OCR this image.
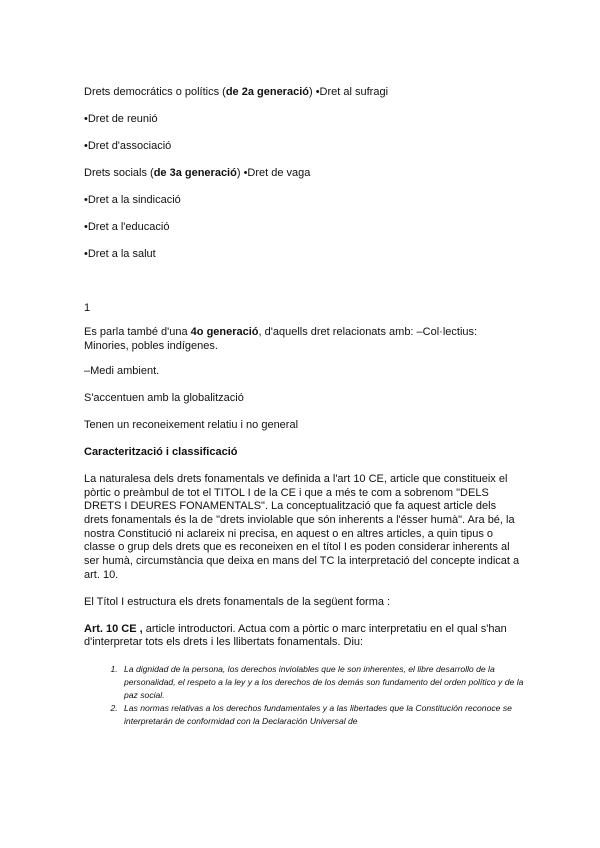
Drets democrátics o polítics (de 2a generació) •Dret al sufragi
•Dret de reunió
•Dret d'associació
Drets socials (de 3a generació) •Dret de vaga
•Dret a la sindicació
•Dret a l'educació
•Dret a la salut
1
Es parla també d'una 4o generació, d'aquells dret relacionats amb: –Col·lectius: Minories, pobles indígenes.
–Medi ambient.
S'accentuen amb la globalització
Tenen un reconeixement relatiu i no general
Caracterització i classificació
La naturalesa dels drets fonamentals ve definida a l'art 10 CE, article que constitueix el pòrtic o preàmbul de tot el TITOL I de la CE i que a més te com a sobrenom "DELS DRETS I DEURES FONAMENTALS". La conceptualització que fa aquest article dels drets fonamentals és la de "drets inviolable que són inherents a l'ésser humà". Ara bé, la nostra Constitució ni aclareix ni precisa, en aquest o en altres articles, a quin tipus o classe o grup dels drets que es reconeixen en el títol I es poden considerar inherents al ser humà, circumstància que deixa en mans del TC la interpretació del concepte indicat a art. 10.
El Títol I estructura els drets fonamentals de la següent forma :
Art. 10 CE , article introductori. Actua com a pòrtic o marc interpretatiu en el qual s'han d'interpretar tots els drets i les llibertats fonamentals. Diu:
1. La dignidad de la persona, los derechos inviolables que le son inherentes, el libre desarrollo de la personalidad, el respeto a la ley y a los derechos de los demás son fundamento del orden político y de la paz social.
2. Las normas relativas a los derechos fundamentales y a las libertades que la Constitución reconoce se interpretarán de conformidad con la Declaración Universal de
